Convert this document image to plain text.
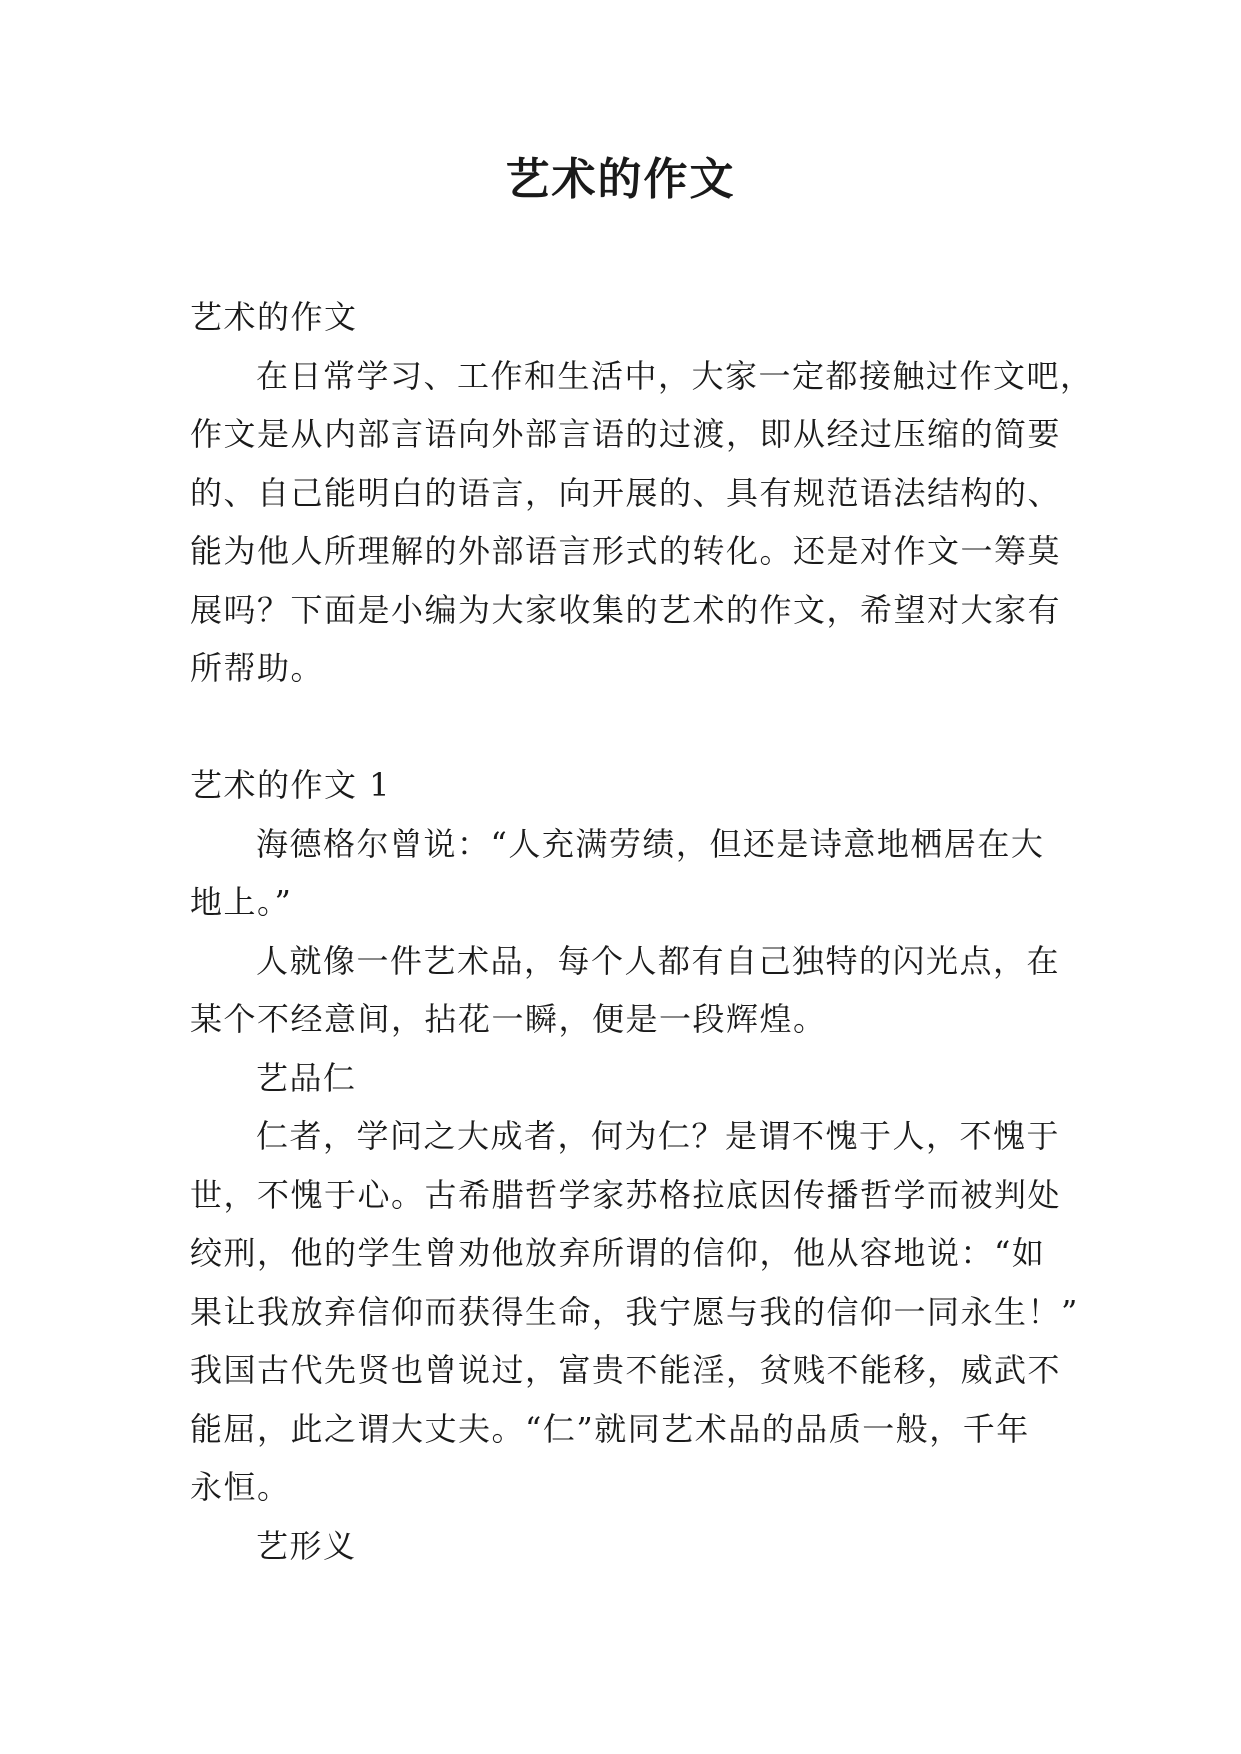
艺术的作文
艺术的作文
在日常学习、工作和生活中，大家一定都接触过作文吧，
作文是从内部言语向外部言语的过渡，即从经过压缩的简要
的、自己能明白的语言，向开展的、具有规范语法结构的、
能为他人所理解的外部语言形式的转化。还是对作文一筹莫
展吗？下面是小编为大家收集的艺术的作文，希望对大家有
所帮助。
艺术的作文 1
海德格尔曾说：“人充满劳绩，但还是诗意地栖居在大
地上。”
人就像一件艺术品，每个人都有自己独特的闪光点，在
某个不经意间，拈花一瞬，便是一段辉煌。
艺品仁
仁者，学问之大成者，何为仁？是谓不愧于人，不愧于
世，不愧于心。古希腊哲学家苏格拉底因传播哲学而被判处
绞刑，他的学生曾劝他放弃所谓的信仰，他从容地说：“如
果让我放弃信仰而获得生命，我宁愿与我的信仰一同永生！”
我国古代先贤也曾说过，富贵不能淫，贫贱不能移，威武不
能屈，此之谓大丈夫。“仁”就同艺术品的品质一般，千年
永恒。
艺形义
